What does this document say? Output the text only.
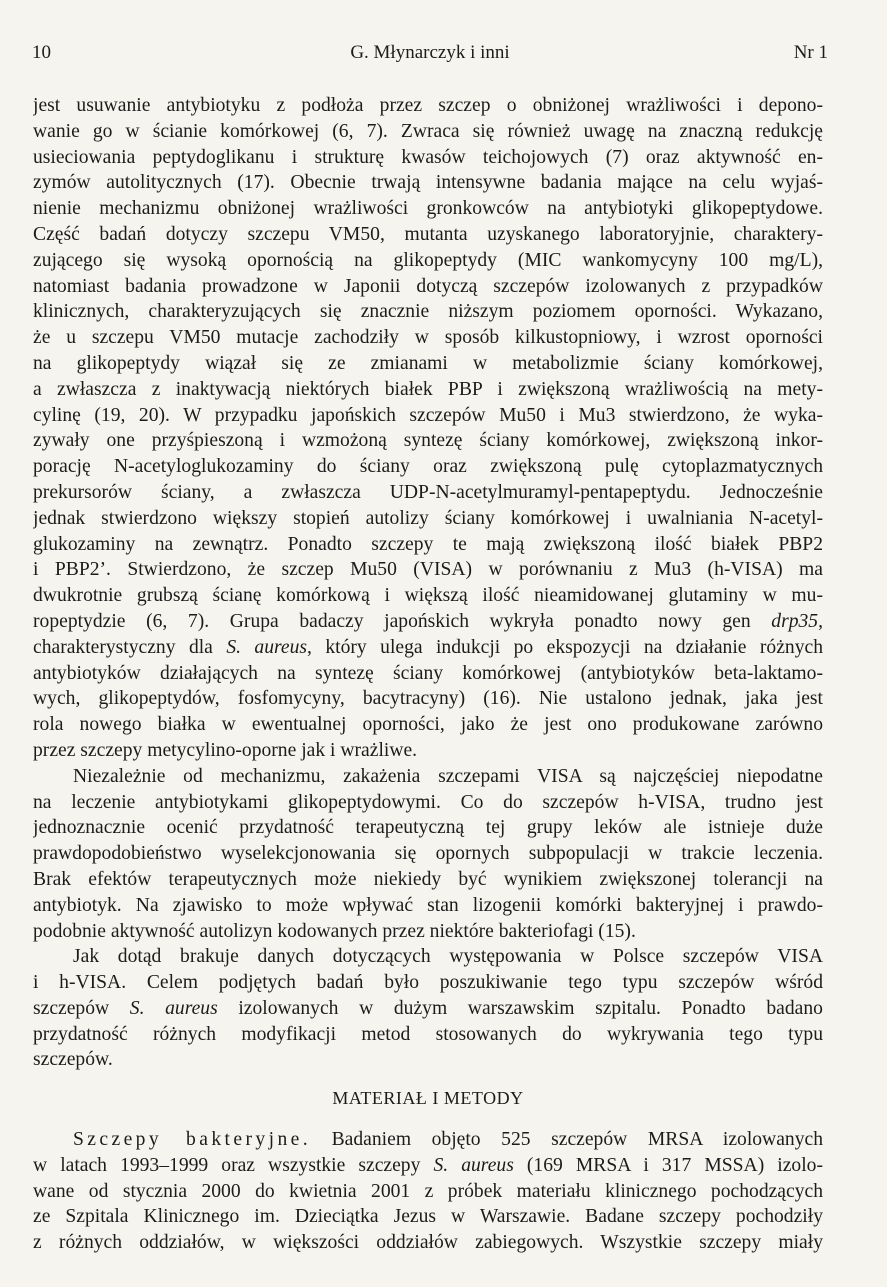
10	G. Młynarczyk i inni	Nr 1
jest usuwanie antybiotyku z podłoża przez szczep o obniżonej wrażliwości i depono-
wanie go w ścianie komórkowej (6, 7). Zwraca się również uwagę na znaczną redukcję
usieciowania peptydoglikanu i strukturę kwasów teichojowych (7) oraz aktywność en-
zymów autolitycznych (17). Obecnie trwają intensywne badania mające na celu wyjaś-
nienie mechanizmu obniżonej wrażliwości gronkowców na antybiotyki glikopeptydowe.
Część badań dotyczy szczepu VM50, mutanta uzyskanego laboratoryjnie, charaktery-
zującego się wysoką opornością na glikopeptydy (MIC wankomycyny 100 mg/L),
natomiast badania prowadzone w Japonii dotyczą szczepów izolowanych z przypadków
klinicznych, charakteryzujących się znacznie niższym poziomem oporności. Wykazano,
że u szczepu VM50 mutacje zachodziły w sposób kilkustopniowy, i wzrost oporności
na glikopeptydy wiązał się ze zmianami w metabolizmie ściany komórkowej,
a zwłaszcza z inaktywacją niektórych białek PBP i zwiększoną wrażliwością na mety-
cylinę (19, 20). W przypadku japońskich szczepów Mu50 i Mu3 stwierdzono, że wyka-
zywały one przyśpieszoną i wzmożoną syntezę ściany komórkowej, zwiększoną inkor-
porację N-acetyloglukozaminy do ściany oraz zwiększoną pulę cytoplazmatycznych
prekursorów ściany, a zwłaszcza UDP-N-acetylmuramyl-pentapeptydu. Jednocześnie
jednak stwierdzono większy stopień autolizy ściany komórkowej i uwalniania N-acetyl-
glukozaminy na zewnątrz. Ponadto szczepy te mają zwiększoną ilość białek PBP2
i PBP2’. Stwierdzono, że szczep Mu50 (VISA) w porównaniu z Mu3 (h-VISA) ma
dwukrotnie grubszą ścianę komórkową i większą ilość nieamidowanej glutaminy w mu-
ropeptydzie (6, 7). Grupa badaczy japońskich wykryła ponadto nowy gen drp35,
charakterystyczny dla S. aureus, który ulega indukcji po ekspozycji na działanie różnych
antybiotyków działających na syntezę ściany komórkowej (antybiotyków beta-laktamo-
wych, glikopeptydów, fosfomycyny, bacytracyny) (16). Nie ustalono jednak, jaka jest
rola nowego białka w ewentualnej oporności, jako że jest ono produkowane zarówno
przez szczepy metycylino-oporne jak i wrażliwe.
Niezależnie od mechanizmu, zakażenia szczepami VISA są najczęściej niepodatne
na leczenie antybiotykami glikopeptydowymi. Co do szczepów h-VISA, trudno jest
jednoznacznie ocenić przydatność terapeutyczną tej grupy leków ale istnieje duże
prawdopodobieństwo wyselekcjonowania się opornych subpopulacji w trakcie leczenia.
Brak efektów terapeutycznych może niekiedy być wynikiem zwiększonej tolerancji na
antybiotyk. Na zjawisko to może wpływać stan lizogenii komórki bakteryjnej i prawdo-
podobnie aktywność autolizyn kodowanych przez niektóre bakteriofagi (15).
Jak dotąd brakuje danych dotyczących występowania w Polsce szczepów VISA
i h-VISA. Celem podjętych badań było poszukiwanie tego typu szczepów wśród
szczepów S. aureus izolowanych w dużym warszawskim szpitalu. Ponadto badano
przydatność różnych modyfikacji metod stosowanych do wykrywania tego typu
szczepów.
MATERIAŁ I METODY
Szczepy bakteryjne. Badaniem objęto 525 szczepów MRSA izolowanych
w latach 1993–1999 oraz wszystkie szczepy S. aureus (169 MRSA i 317 MSSA) izolo-
wane od stycznia 2000 do kwietnia 2001 z próbek materiału klinicznego pochodzących
ze Szpitala Klinicznego im. Dzieciątka Jezus w Warszawie. Badane szczepy pochodziły
z różnych oddziałów, w większości oddziałów zabiegowych. Wszystkie szczepy miały
